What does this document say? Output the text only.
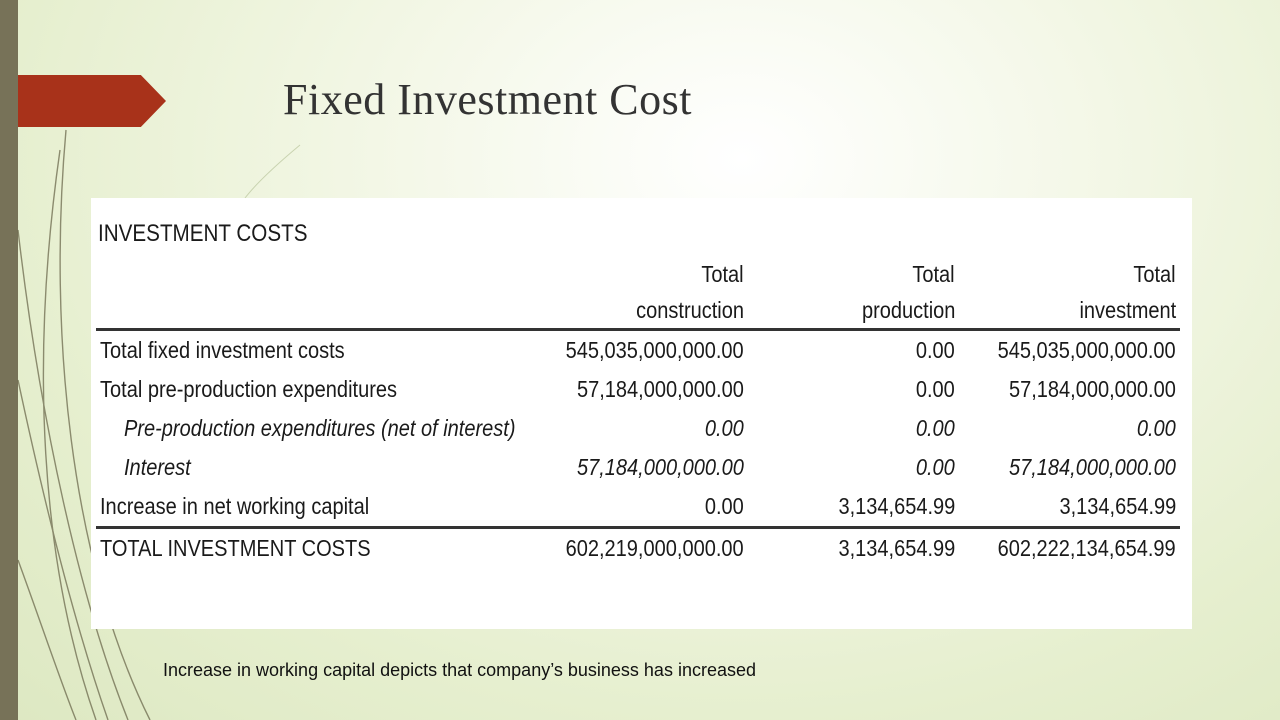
Fixed Investment Cost
INVESTMENT COSTS
	Total	Total	Total
	construction	production	investment
Total fixed investment costs	545,035,000,000.00	0.00	545,035,000,000.00
Total pre-production expenditures	57,184,000,000.00	0.00	57,184,000,000.00
Pre-production expenditures (net of interest)	0.00	0.00	0.00
Interest	57,184,000,000.00	0.00	57,184,000,000.00
Increase in net working capital	0.00	3,134,654.99	3,134,654.99
TOTAL INVESTMENT COSTS	602,219,000,000.00	3,134,654.99	602,222,134,654.99

Increase in working capital depicts that company’s business has increased
